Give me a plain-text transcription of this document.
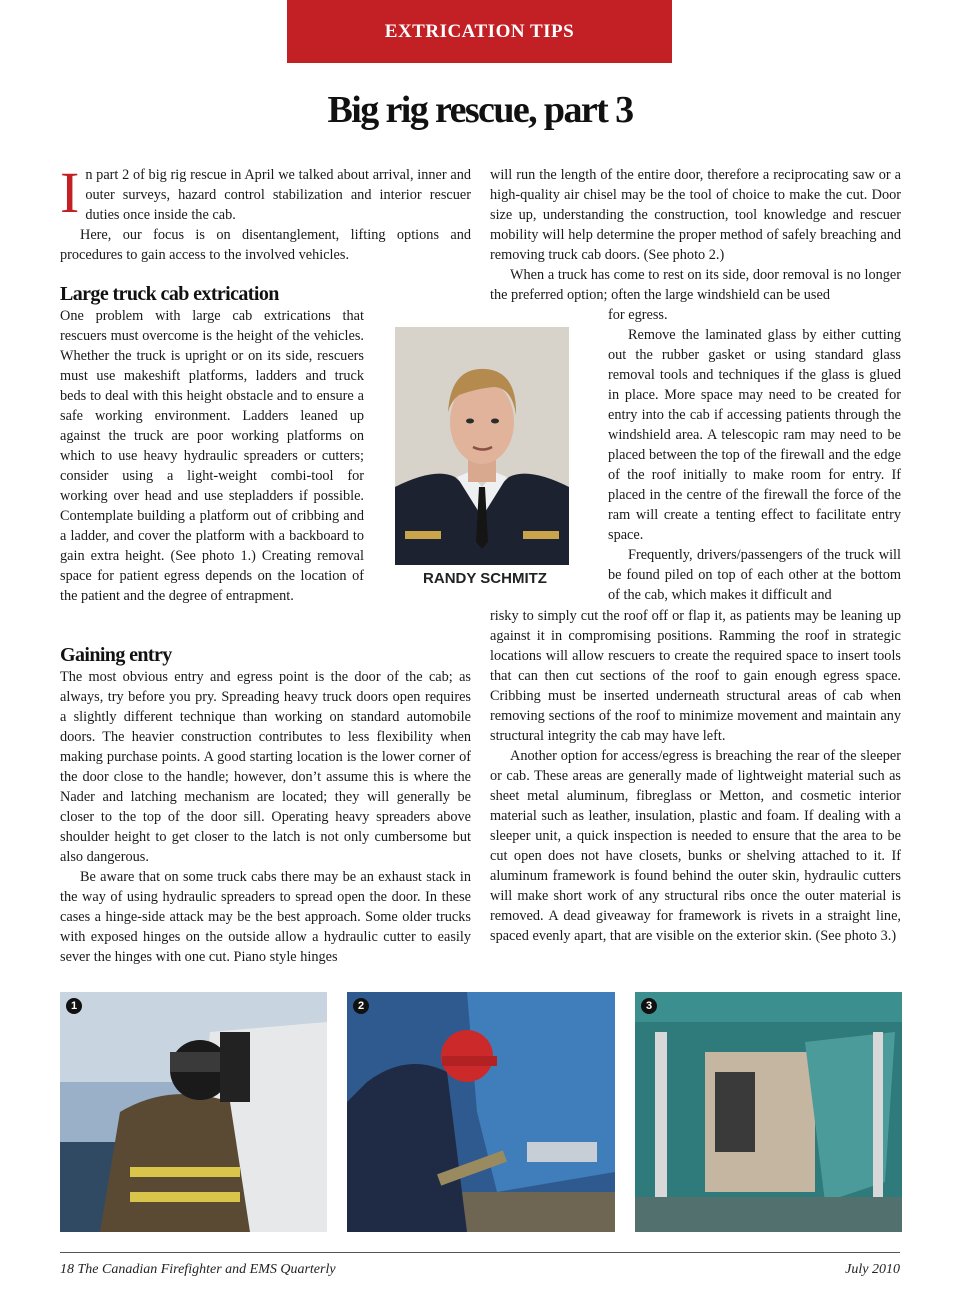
EXTRICATION TIPS
Big rig rescue, part 3
I n part 2 of big rig rescue in April we talked about arrival, inner and outer surveys, hazard control stabilization and interior rescuer duties once inside the cab.
Here, our focus is on disentanglement, lifting options and procedures to gain access to the involved vehicles.
Large truck cab extrication
One problem with large cab extrications that rescuers must overcome is the height of the vehicles. Whether the truck is upright or on its side, rescuers must use makeshift platforms, ladders and truck beds to deal with this height obstacle and to ensure a safe working environment. Ladders leaned up against the truck are poor working platforms on which to use heavy hydraulic spreaders or cutters; consider using a light-weight combi-tool for working over head and use stepladders if possible. Contemplate building a platform out of cribbing and a ladder, and cover the platform with a backboard to gain extra height. (See photo 1.) Creating removal space for patient egress depends on the location of the patient and the degree of entrapment.
Gaining entry
The most obvious entry and egress point is the door of the cab; as always, try before you pry. Spreading heavy truck doors open requires a slightly different technique than working on standard automobile doors. The heavier construction contributes to less flexibility when making purchase points. A good starting location is the lower corner of the door close to the handle; however, don’t assume this is where the Nader and latching mechanism are located; they will generally be closer to the top of the door sill. Operating heavy spreaders above shoulder height to get closer to the latch is not only cumbersome but also dangerous.
Be aware that on some truck cabs there may be an exhaust stack in the way of using hydraulic spreaders to spread open the door. In these cases a hinge-side attack may be the best approach. Some older trucks with exposed hinges on the outside allow a hydraulic cutter to easily sever the hinges with one cut. Piano style hinges
RANDY SCHMITZ
will run the length of the entire door, therefore a reciprocating saw or a high-quality air chisel may be the tool of choice to make the cut. Door size up, understanding the construction, tool knowledge and rescuer mobility will help determine the proper method of safely breaching and removing truck cab doors. (See photo 2.)
When a truck has come to rest on its side, door removal is no longer the preferred option; often the large windshield can be used
for egress.
Remove the laminated glass by either cutting out the rubber gasket or using standard glass removal tools and techniques if the glass is glued in place. More space may need to be created for entry into the cab if accessing patients through the windshield area. A telescopic ram may need to be placed between the top of the firewall and the edge of the roof initially to make room for entry. If placed in the centre of the firewall the force of the ram will create a tenting effect to facilitate entry space.
Frequently, drivers/passengers of the truck will be found piled on top of each other at the bottom of the cab, which makes it difficult and
risky to simply cut the roof off or flap it, as patients may be leaning up against it in compromising positions. Ramming the roof in strategic locations will allow rescuers to create the required space to insert tools that can then cut sections of the roof to gain enough egress space. Cribbing must be inserted underneath structural areas of cab when removing sections of the roof to minimize movement and maintain any structural integrity the cab may have left.
Another option for access/egress is breaching the rear of the sleeper or cab. These areas are generally made of lightweight material such as sheet metal aluminum, fibreglass or Metton, and cosmetic interior material such as leather, insulation, plastic and foam. If dealing with a sleeper unit, a quick inspection is needed to ensure that the area to be cut open does not have closets, bunks or shelving attached to it. If aluminum framework is found behind the outer skin, hydraulic cutters will make short work of any structural ribs once the outer material is removed. A dead giveaway for framework is rivets in a straight line, spaced evenly apart, that are visible on the exterior skin. (See photo 3.)
1	2	3

18 The Canadian Firefighter and EMS Quarterly	July 2010
